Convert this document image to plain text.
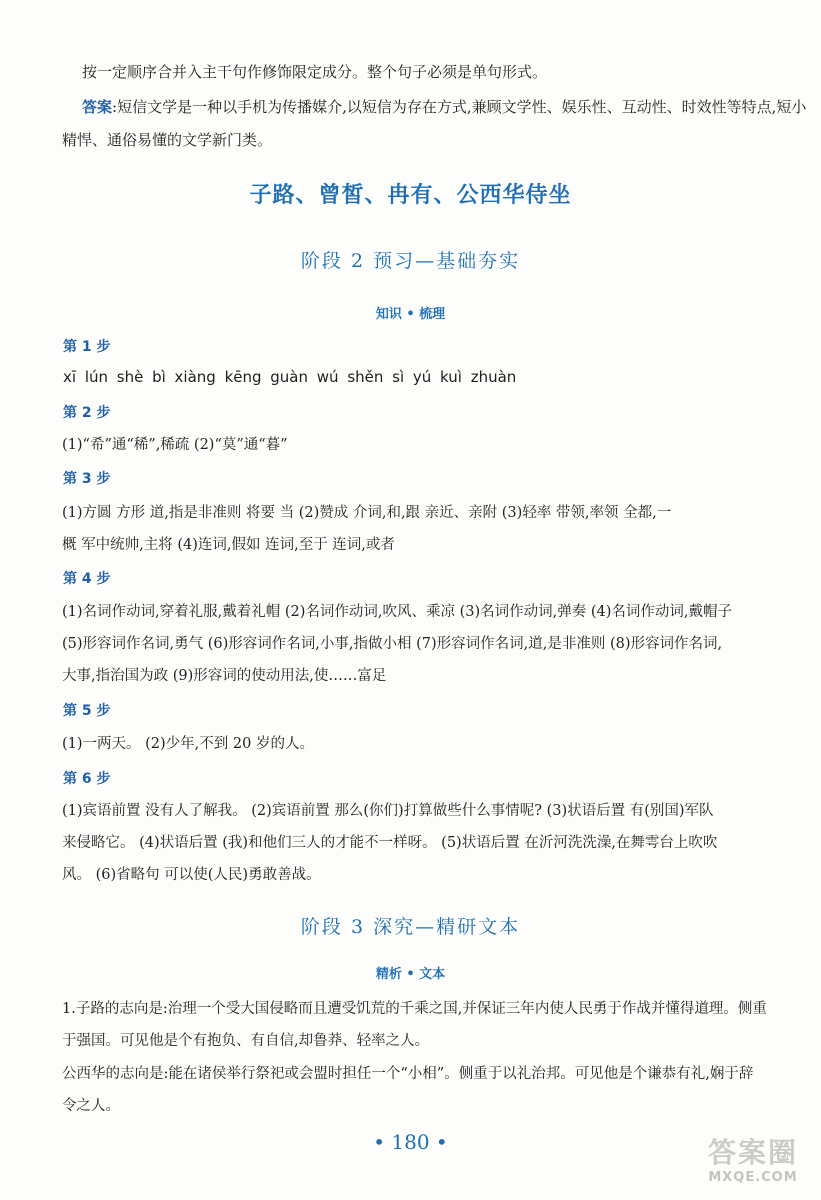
按一定顺序合并入主干句作修饰限定成分。整个句子必须是单句形式。
答案:短信文学是一种以手机为传播媒介,以短信为存在方式,兼顾文学性、娱乐性、互动性、时效性等特点,短小
精悍、通俗易懂的文学新门类。
子路、曾皙、冉有、公西华侍坐
阶段 2 预习—基础夯实
知识 • 梳理
第 1 步
xī lún shè bì xiàng kēng guàn wú shěn sì yú kuì zhuàn
第 2 步
(1)“希”通“稀”,稀疏 (2)“莫”通“暮”
第 3 步
(1)方圆 方形 道,指是非准则 将要 当 (2)赞成 介词,和,跟 亲近、亲附 (3)轻率 带领,率领 全都,一
概 军中统帅,主将 (4)连词,假如 连词,至于 连词,或者
第 4 步
(1)名词作动词,穿着礼服,戴着礼帽 (2)名词作动词,吹风、乘凉 (3)名词作动词,弹奏 (4)名词作动词,戴帽子
(5)形容词作名词,勇气 (6)形容词作名词,小事,指做小相 (7)形容词作名词,道,是非准则 (8)形容词作名词,
大事,指治国为政 (9)形容词的使动用法,使……富足
第 5 步
(1)一两天。 (2)少年,不到 20 岁的人。
第 6 步
(1)宾语前置 没有人了解我。 (2)宾语前置 那么(你们)打算做些什么事情呢? (3)状语后置 有(别国)军队
来侵略它。 (4)状语后置 (我)和他们三人的才能不一样呀。 (5)状语后置 在沂河洗洗澡,在舞雩台上吹吹
风。 (6)省略句 可以使(人民)勇敢善战。
阶段 3 深究—精研文本
精析 • 文本
1.子路的志向是:治理一个受大国侵略而且遭受饥荒的千乘之国,并保证三年内使人民勇于作战并懂得道理。侧重
于强国。可见他是个有抱负、有自信,却鲁莽、轻率之人。
公西华的志向是:能在诸侯举行祭祀或会盟时担任一个“小相”。侧重于以礼治邦。可见他是个谦恭有礼,娴于辞
令之人。
• 180 •	答案圈
MXQE.COM
